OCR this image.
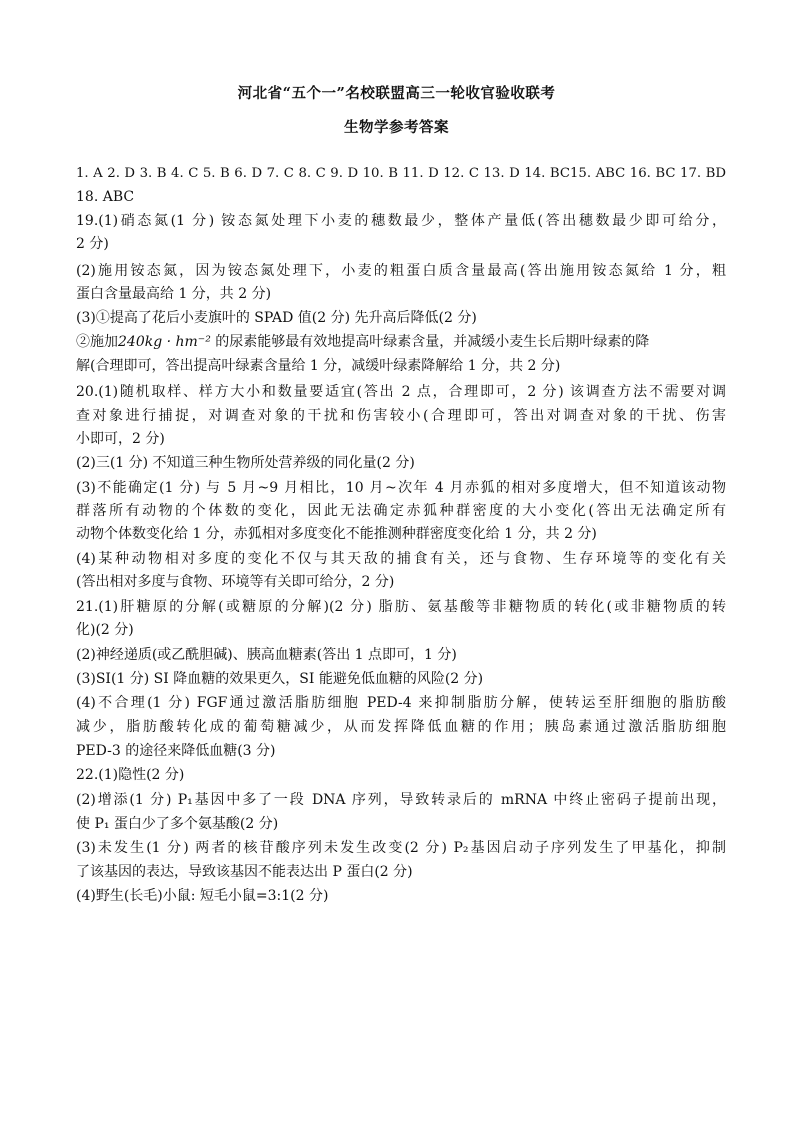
河北省“五个一”名校联盟高三一轮收官验收联考
生物学参考答案
1. A 2. D 3. B 4. C 5. B 6. D 7. C 8. C 9. D 10. B 11. D 12. C 13. D 14. BC15. ABC 16. BC 17. BD
18. ABC
19.(1)硝态氮(1 分) 铵态氮处理下小麦的穗数最少，整体产量低(答出穗数最少即可给分，
2 分)
(2)施用铵态氮，因为铵态氮处理下，小麦的粗蛋白质含量最高(答出施用铵态氮给 1 分，粗
蛋白含量最高给 1 分，共 2 分)
(3)①提高了花后小麦旗叶的 SPAD 值(2 分) 先升高后降低(2 分)
②施加240kg · hm⁻² 的尿素能够最有效地提高叶绿素含量，并减缓小麦生长后期叶绿素的降
解(合理即可，答出提高叶绿素含量给 1 分，减缓叶绿素降解给 1 分，共 2 分)
20.(1)随机取样、样方大小和数量要适宜(答出 2 点，合理即可，2 分) 该调查方法不需要对调
查对象进行捕捉，对调查对象的干扰和伤害较小(合理即可，答出对调查对象的干扰、伤害
小即可，2 分)
(2)三(1 分) 不知道三种生物所处营养级的同化量(2 分)
(3)不能确定(1 分) 与 5 月~9 月相比，10 月~次年 4 月赤狐的相对多度增大，但不知道该动物
群落所有动物的个体数的变化，因此无法确定赤狐种群密度的大小变化(答出无法确定所有
动物个体数变化给 1 分，赤狐相对多度变化不能推测种群密度变化给 1 分，共 2 分)
(4)某种动物相对多度的变化不仅与其天敌的捕食有关，还与食物、生存环境等的变化有关
(答出相对多度与食物、环境等有关即可给分，2 分)
21.(1)肝糖原的分解(或糖原的分解)(2 分) 脂肪、氨基酸等非糖物质的转化(或非糖物质的转
化)(2 分)
(2)神经递质(或乙酰胆碱)、胰高血糖素(答出 1 点即可，1 分)
(3)SI(1 分) SI 降血糖的效果更久，SI 能避免低血糖的风险(2 分)
(4)不合理(1 分) FGF通过激活脂肪细胞 PED-4 来抑制脂肪分解，使转运至肝细胞的脂肪酸
减少，脂肪酸转化成的葡萄糖减少，从而发挥降低血糖的作用；胰岛素通过激活脂肪细胞
PED-3 的途径来降低血糖(3 分)
22.(1)隐性(2 分)
(2)增添(1 分) P₁基因中多了一段 DNA 序列，导致转录后的 mRNA 中终止密码子提前出现，
使 P₁ 蛋白少了多个氨基酸(2 分)
(3)未发生(1 分) 两者的核苷酸序列未发生改变(2 分) P₂基因启动子序列发生了甲基化，抑制
了该基因的表达，导致该基因不能表达出 P 蛋白(2 分)
(4)野生(长毛)小鼠: 短毛小鼠=3:1(2 分)
